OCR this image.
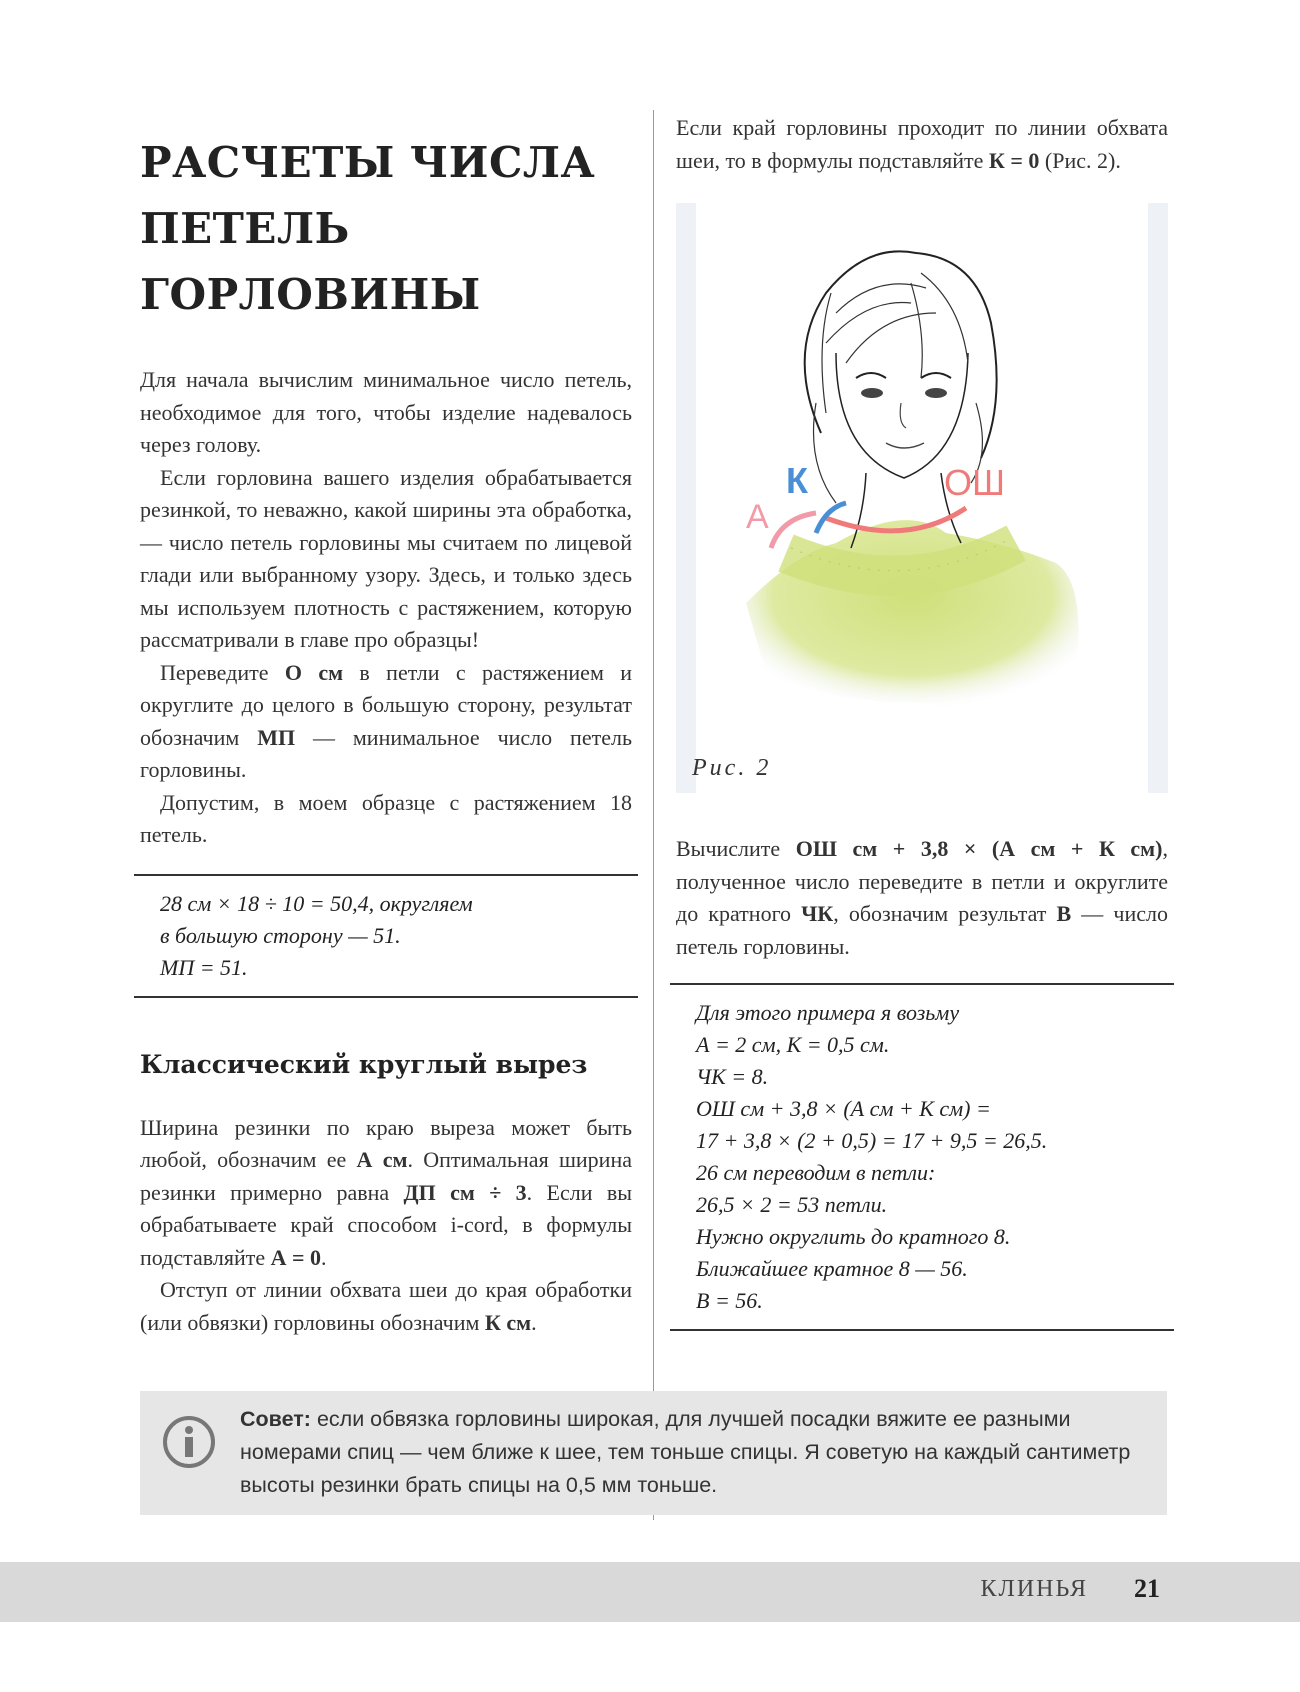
РАСЧЕТЫ ЧИСЛА
ПЕТЕЛЬ
ГОРЛОВИНЫ

Для начала вычислим минимальное число петель, необходимое для того, чтобы изделие надевалось через голову.

Если горловина вашего изделия обрабатывается резинкой, то неважно, какой ширины эта обработка, — число петель горловины мы считаем по лицевой глади или выбранному узору. Здесь, и только здесь мы используем плотность с растяжением, которую рассматривали в главе про образцы!

Переведите О см в петли с растяжением и округлите до целого в большую сторону, результат обозначим МП — минимальное число петель горловины.

Допустим, в моем образце с растяжением 18 петель.

28 см × 18 ÷ 10 = 50,4, округляем
в большую сторону — 51.
МП = 51.
Классический круглый вырез

Ширина резинки по краю выреза может быть любой, обозначим ее А см. Оптимальная ширина резинки примерно равна ДП см ÷ 3. Если вы обрабатываете край способом i-cord, в формулы подставляйте А = 0.

Отступ от линии обхвата шеи до края обработки (или обвязки) горловины обозначим К см.

Если край горловины проходит по линии обхвата шеи, то в формулы подставляйте К = 0 (Рис. 2).

К	ОШ
А
Рис. 2

Вычислите ОШ см + 3,8 × (А см + К см), полученное число переведите в петли и округлите до кратного ЧК, обозначим результат В — число петель горловины.

Для этого примера я возьму
А = 2 см, К = 0,5 см.
ЧК = 8.
ОШ см + 3,8 × (А см + К см) =
17 + 3,8 × (2 + 0,5) = 17 + 9,5 = 26,5.
26 см переводим в петли:
26,5 × 2 = 53 петли.
Нужно округлить до кратного 8.
Ближайшее кратное 8 — 56.
В = 56.
Совет: если обвязка горловины широкая, для лучшей посадки вяжите ее разными номерами спиц — чем ближе к шее, тем тоньше спицы. Я советую на каждый сантиметр высоты резинки брать спицы на 0,5 мм тоньше.
КЛИНЬЯ 21
